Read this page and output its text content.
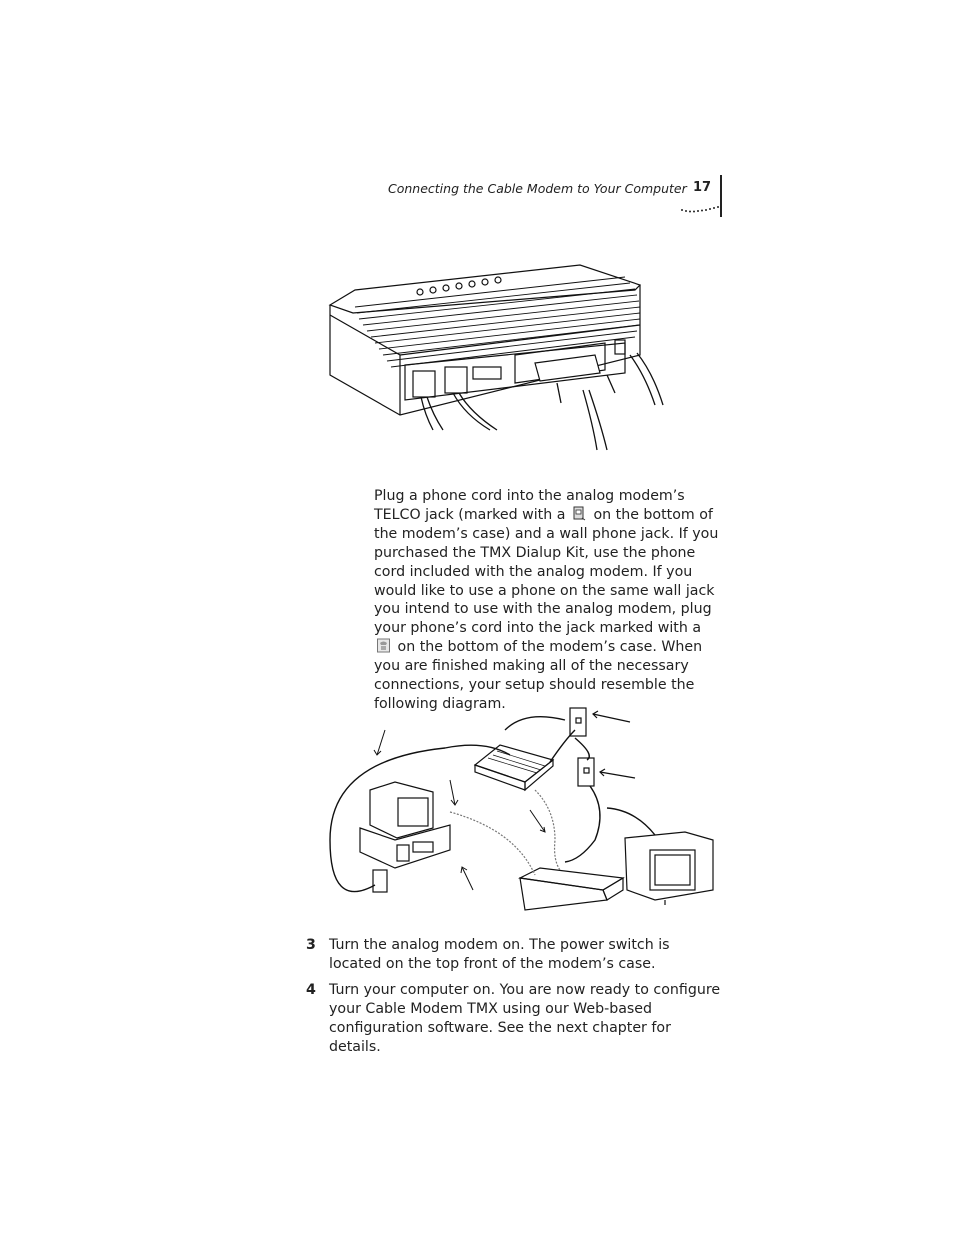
Connecting the Cable Modem to Your Computer 17
Plug a phone cord into the analog modem’s TELCO jack (marked with a on the bottom of the modem’s case) and a wall phone jack. If you purchased the TMX Dialup Kit, use the phone cord included with the analog modem. If you would like to use a phone on the same wall jack you intend to use with the analog modem, plug your phone’s cord into the jack marked with a  on the bottom of the modem’s case. When you are finished making all of the necessary connections, your setup should resemble the following diagram.
3 Turn the analog modem on. The power switch is located on the top front of the modem’s case.
4 Turn your computer on. You are now ready to configure your Cable Modem TMX using our Web-based configuration software. See the next chapter for details.
